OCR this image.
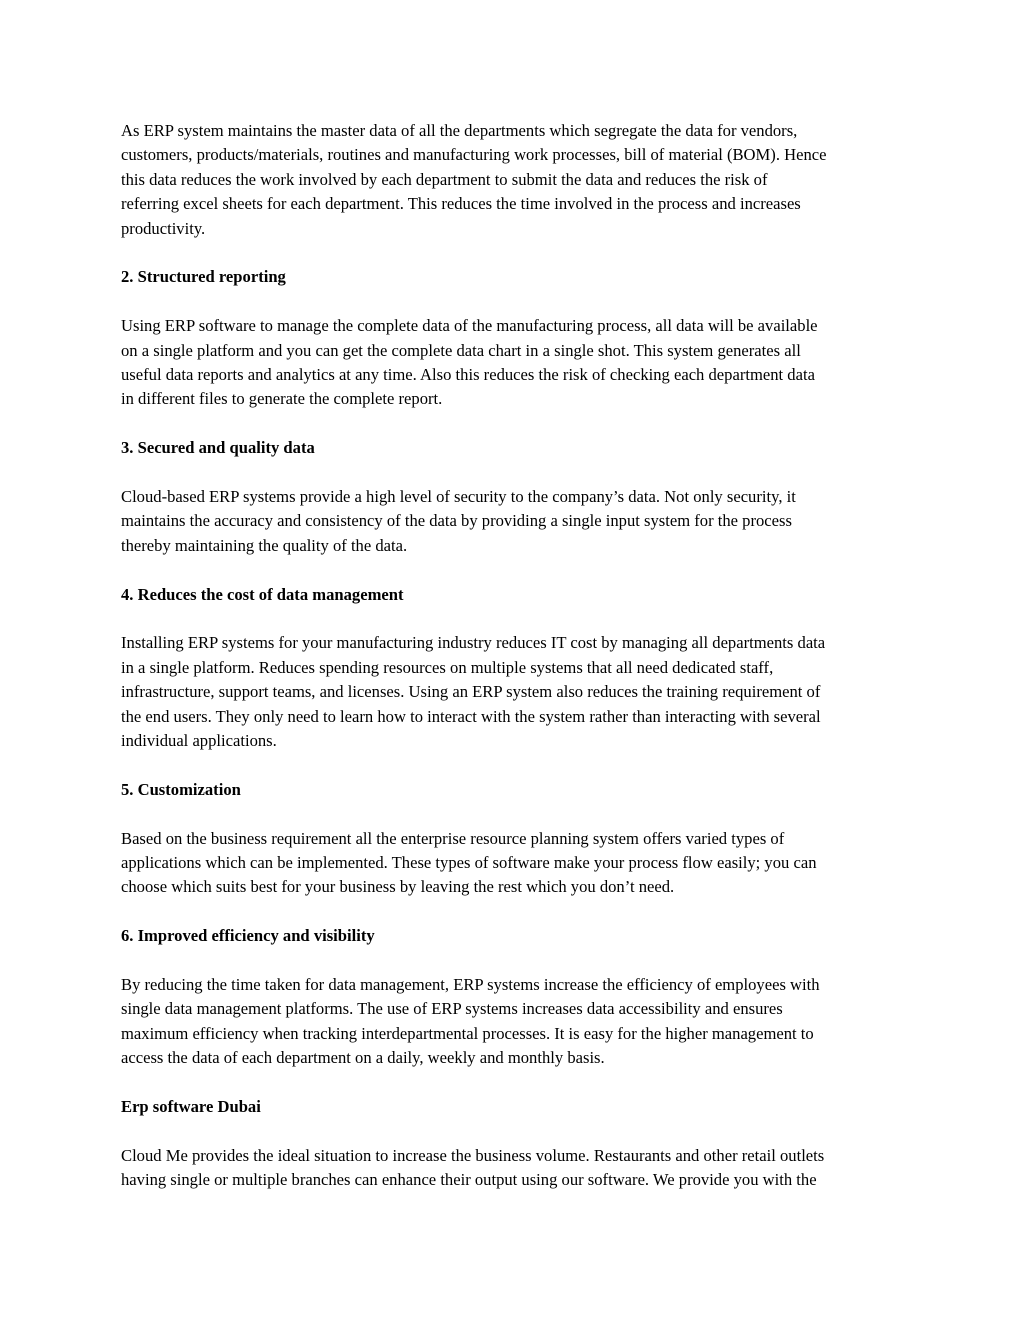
As ERP system maintains the master data of all the departments which segregate the data for vendors,
customers, products/materials, routines and manufacturing work processes, bill of material (BOM). Hence
this data reduces the work involved by each department to submit the data and reduces the risk of
referring excel sheets for each department. This reduces the time involved in the process and increases
productivity.

2. Structured reporting

Using ERP software to manage the complete data of the manufacturing process, all data will be available
on a single platform and you can get the complete data chart in a single shot. This system generates all
useful data reports and analytics at any time. Also this reduces the risk of checking each department data
in different files to generate the complete report.

3. Secured and quality data

Cloud-based ERP systems provide a high level of security to the company’s data. Not only security, it
maintains the accuracy and consistency of the data by providing a single input system for the process
thereby maintaining the quality of the data.

4. Reduces the cost of data management

Installing ERP systems for your manufacturing industry reduces IT cost by managing all departments data
in a single platform. Reduces spending resources on multiple systems that all need dedicated staff,
infrastructure, support teams, and licenses. Using an ERP system also reduces the training requirement of
the end users. They only need to learn how to interact with the system rather than interacting with several
individual applications.

5. Customization

Based on the business requirement all the enterprise resource planning system offers varied types of
applications which can be implemented. These types of software make your process flow easily; you can
choose which suits best for your business by leaving the rest which you don’t need.

6. Improved efficiency and visibility

By reducing the time taken for data management, ERP systems increase the efficiency of employees with
single data management platforms. The use of ERP systems increases data accessibility and ensures
maximum efficiency when tracking interdepartmental processes. It is easy for the higher management to
access the data of each department on a daily, weekly and monthly basis.

Erp software Dubai

Cloud Me provides the ideal situation to increase the business volume. Restaurants and other retail outlets
having single or multiple branches can enhance their output using our software. We provide you with the
